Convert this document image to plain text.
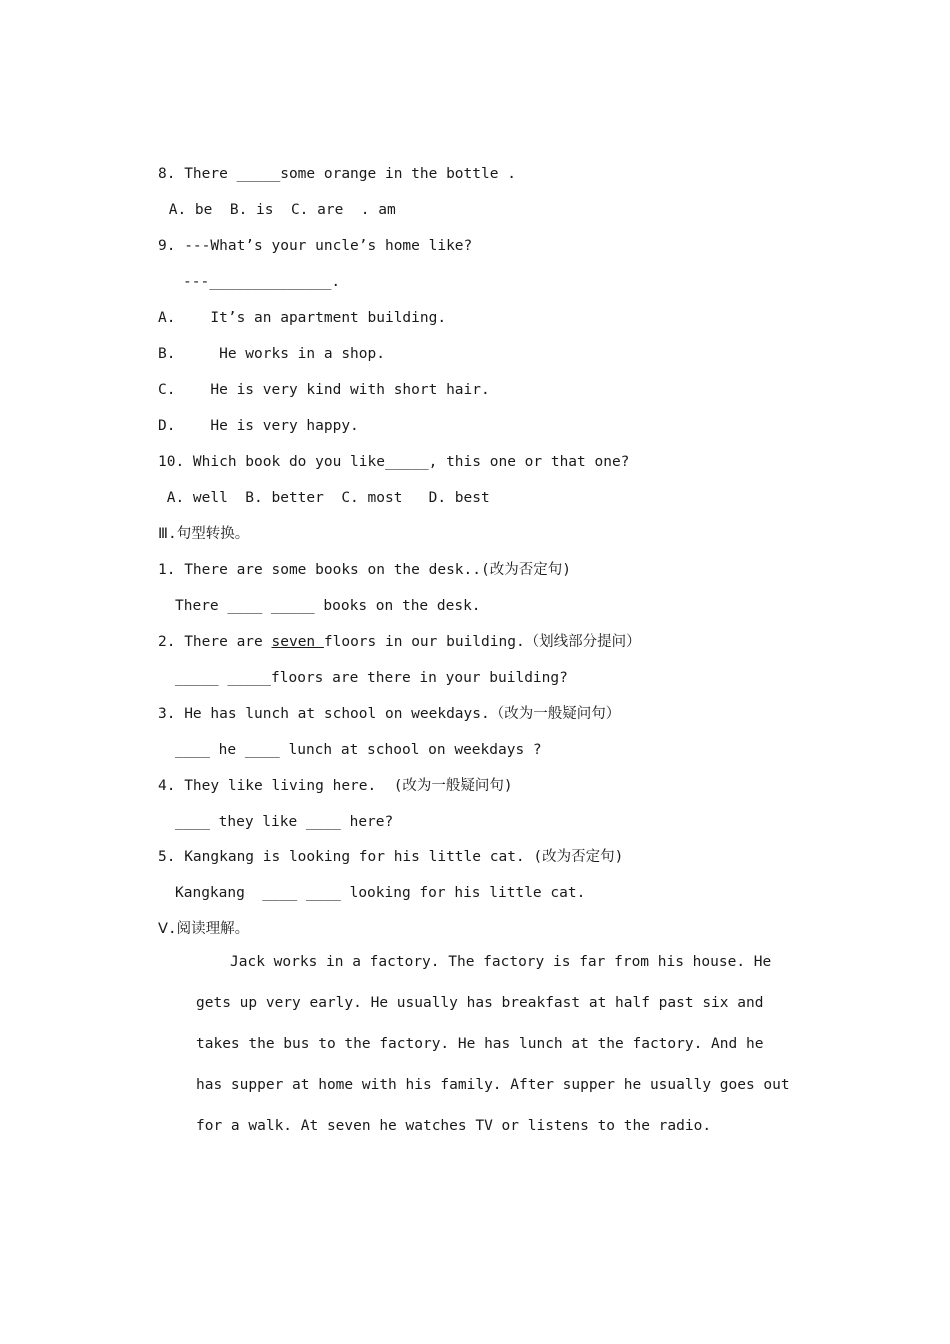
8. There _____some orange in the bottle .
A. be  B. is  C. are  . am
9. ---What’s your uncle’s home like?
---______________.
A.    It’s an apartment building.
B.     He works in a shop.
C.    He is very kind with short hair.
D.    He is very happy.
10. Which book do you like_____, this one or that one?
A. well  B. better  C. most   D. best
Ⅲ.句型转换。
1. There are some books on the desk..(改为否定句)
There ____ _____ books on the desk.
2. There are seven floors in our building.（划线部分提问）
_____ _____floors are there in your building?
3. He has lunch at school on weekdays.（改为一般疑问句）
____ he ____ lunch at school on weekdays ?
4. They like living here.  (改为一般疑问句)
____ they like ____ here?
5. Kangkang is looking for his little cat. (改为否定句)
Kangkang  ____ ____ looking for his little cat.
Ⅴ.阅读理解。

Jack works in a factory. The factory is far from his house. He gets up very early. He usually has breakfast at half past six and takes the bus to the factory. He has lunch at the factory. And he has supper at home with his family. After supper he usually goes out for a walk. At seven he watches TV or listens to the radio.
